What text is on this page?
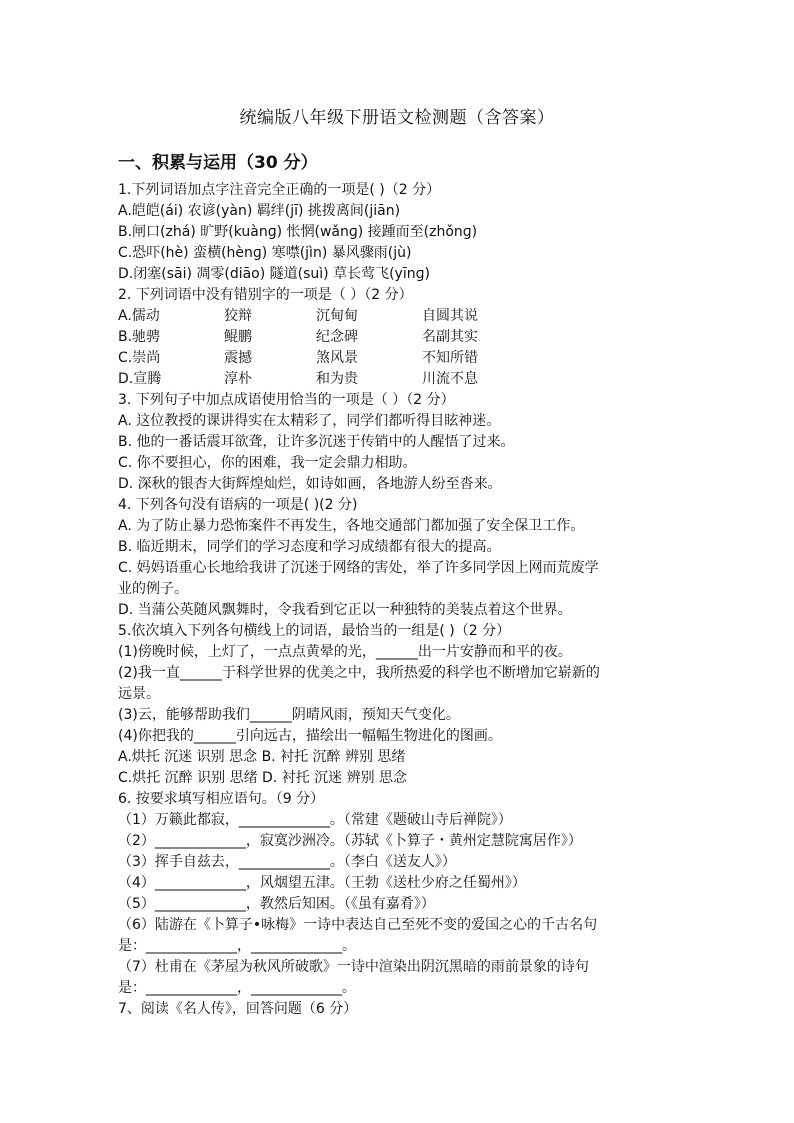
统编版八年级下册语文检测题（含答案）
一、积累与运用（30 分）
1.下列词语加点字注音完全正确的一项是( )（2 分）
A.皑皑(ái) 农谚(yàn) 羁绊(jī) 挑拨离间(jiān)
B.闸口(zhá) 旷野(kuànɡ) 怅惘(wǎnɡ) 接踵而至(zhǒnɡ)
C.恐吓(hè) 蛮横(hènɡ) 寒噤(jìn) 暴风骤雨(jù)
D.闭塞(sāi) 凋零(diāo) 隧道(suì) 草长莺飞(yīnɡ)
2. 下列词语中没有错别字的一项是（ ）（2 分）
A.儒动	狡辩	沉甸甸	自圆其说
B.驰骋	鲲鹏	纪念碑	名副其实
C.崇尚	震撼	煞风景	不知所错
D.宣腾	淳朴	和为贵	川流不息
3. 下列句子中加点成语使用恰当的一项是（ ）（2 分）
A. 这位教授的课讲得实在太精彩了，同学们都听得目眩神迷。
B. 他的一番话震耳欲聋，让许多沉迷于传销中的人醒悟了过来。
C. 你不要担心，你的困难，我一定会鼎力相助。
D. 深秋的银杏大街辉煌灿烂，如诗如画，各地游人纷至沓来。
4. 下列各句没有语病的一项是( )(2 分)
A. 为了防止暴力恐怖案件不再发生，各地交通部门都加强了安全保卫工作。
B. 临近期末，同学们的学习态度和学习成绩都有很大的提高。
C. 妈妈语重心长地给我讲了沉迷于网络的害处，举了许多同学因上网而荒废学
业的例子。
D. 当蒲公英随风飘舞时，令我看到它正以一种独特的美装点着这个世界。
5.依次填入下列各句横线上的词语，最恰当的一组是( )（2 分）
(1)傍晚时候，上灯了，一点点黄晕的光，______出一片安静而和平的夜。
(2)我一直______于科学世界的优美之中，我所热爱的科学也不断增加它崭新的
远景。
(3)云，能够帮助我们______阴晴风雨，预知天气变化。
(4)你把我的______引向远古，描绘出一幅幅生物进化的图画。
A.烘托 沉迷 识别 思念 B. 衬托 沉醉 辨别 思绪
C.烘托 沉醉 识别 思绪 D. 衬托 沉迷 辨别 思念
6. 按要求填写相应语句。（9 分）
（1）万籁此都寂，_____________。（常建《题破山寺后禅院》）
（2）_____________，寂寞沙洲冷。（苏轼《卜算子・黄州定慧院寓居作》）
（3）挥手自兹去，_____________。（李白《送友人》）
（4）_____________，风烟望五津。（王勃《送杜少府之任蜀州》）
（5）_____________，教然后知困。（《虽有嘉肴》）
（6）陆游在《卜算子•咏梅》一诗中表达自己至死不变的爱国之心的千古名句
是：_____________，_____________。
（7）杜甫在《茅屋为秋风所破歌》一诗中渲染出阴沉黑暗的雨前景象的诗句
是：_____________，_____________。
7、阅读《名人传》，回答问题（6 分）
